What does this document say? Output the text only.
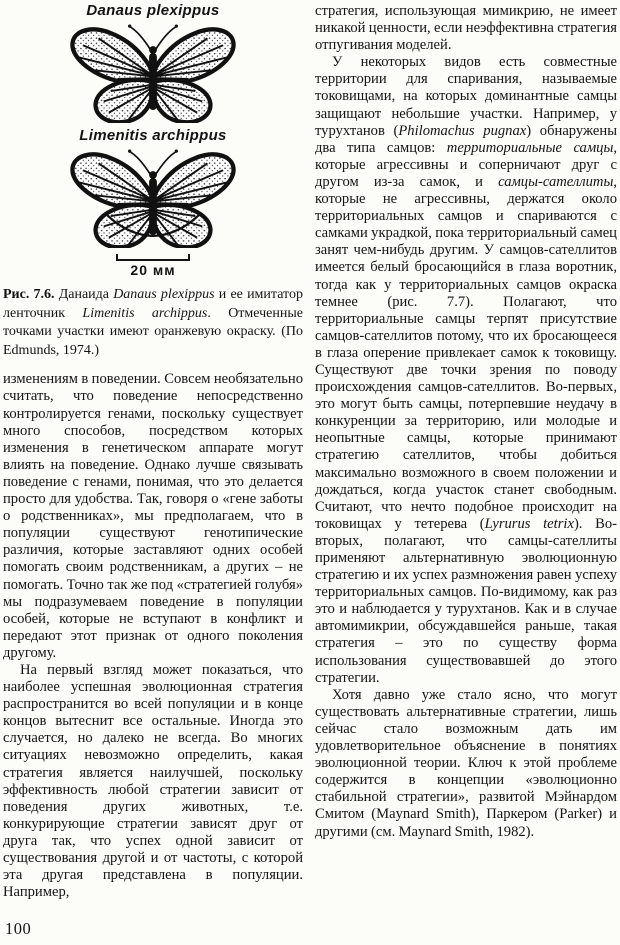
Danaus plexippus
Limenitis archippus
20 мм

Рис. 7.6. Данаида Danaus plexippus и ее имитатор ленточник Limenitis archippus. Отмеченные точками участки имеют оранжевую окраску. (По Edmunds, 1974.)

изменениям в поведении. Совсем необязательно считать, что поведение непосредственно контролируется генами, поскольку существует много способов, посредством которых изменения в генетическом аппарате могут влиять на поведение. Однако лучше связывать поведение с генами, понимая, что это делается просто для удобства. Так, говоря о «гене заботы о родственниках», мы предполагаем, что в популяции существуют генотипические различия, которые заставляют одних особей помогать своим родственникам, а других – не помогать. Точно так же под «стратегией голубя» мы подразумеваем поведение в популяции особей, которые не вступают в конфликт и передают этот признак от одного поколения другому.

На первый взгляд может показаться, что наиболее успешная эволюционная стратегия распространится во всей популяции и в конце концов вытеснит все остальные. Иногда это случается, но далеко не всегда. Во многих ситуациях невозможно определить, какая стратегия является наилучшей, поскольку эффективность любой стратегии зависит от поведения других животных, т.е. конкурирующие стратегии зависят друг от друга так, что успех одной зависит от существования другой и от частоты, с которой эта другая представлена в популяции. Например,

стратегия, использующая мимикрию, не имеет никакой ценности, если неэффективна стратегия отпугивания моделей.

У некоторых видов есть совместные территории для спаривания, называемые токовищами, на которых доминантные самцы защищают небольшие участки. Например, у турухтанов (Philomachus pugnax) обнаружены два типа самцов: территориальные самцы, которые агрессивны и соперничают друг с другом из-за самок, и самцы-сателлиты, которые не агрессивны, держатся около территориальных самцов и спариваются с самками украдкой, пока территориальный самец занят чем-нибудь другим. У самцов-сателлитов имеется белый бросающийся в глаза воротник, тогда как у территориальных самцов окраска темнее (рис. 7.7). Полагают, что территориальные самцы терпят присутствие самцов-сателлитов потому, что их бросающееся в глаза оперение привлекает самок к токовищу. Существуют две точки зрения по поводу происхождения самцов-сателлитов. Во-первых, это могут быть самцы, потерпевшие неудачу в конкуренции за территорию, или молодые и неопытные самцы, которые принимают стратегию сателлитов, чтобы добиться максимально возможного в своем положении и дождаться, когда участок станет свободным. Считают, что нечто подобное происходит на токовищах у тетерева (Lyrurus tetrix). Во-вторых, полагают, что самцы-сателлиты применяют альтернативную эволюционную стратегию и их успех размножения равен успеху территориальных самцов. По-видимому, как раз это и наблюдается у турухтанов. Как и в случае автомимикрии, обсуждавшейся раньше, такая стратегия – это по существу форма использования существовавшей до этого стратегии.

Хотя давно уже стало ясно, что могут существовать альтернативные стратегии, лишь сейчас стало возможным дать им удовлетворительное объяснение в понятиях эволюционной теории. Ключ к этой проблеме содержится в концепции «эволюционно стабильной стратегии», развитой Мэйнардом Смитом (Maynard Smith), Паркером (Parker) и другими (см. Maynard Smith, 1982).

100
